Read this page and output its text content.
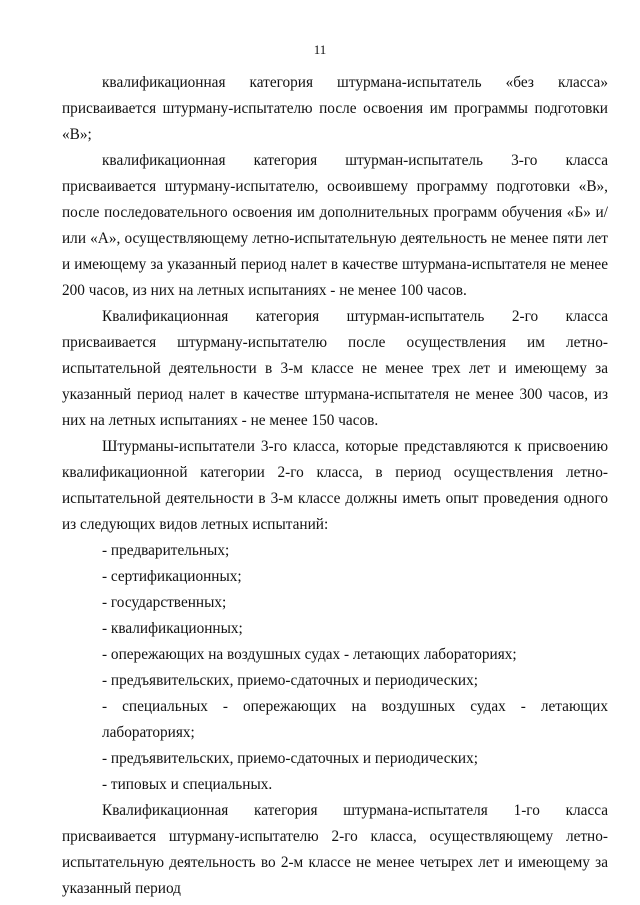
11

квалификационная категория штурмана-испытатель «без класса» присваивается штурману-испытателю после освоения им программы подготовки «В»;

квалификационная категория штурман-испытатель 3-го класса присваивается штурману-испытателю, освоившему программу подготовки «В», после последовательного освоения им дополнительных программ обучения «Б» и/или «А», осуществляющему летно-испытательную деятельность не менее пяти лет и имеющему за указанный период налет в качестве штурмана-испытателя не менее 200 часов, из них на летных испытаниях - не менее 100 часов.

Квалификационная категория штурман-испытатель 2-го класса присваивается штурману-испытателю после осуществления им летно-испытательной деятельности в 3-м классе не менее трех лет и имеющему за указанный период налет в качестве штурмана-испытателя не менее 300 часов, из них на летных испытаниях - не менее 150 часов.

Штурманы-испытатели 3-го класса, которые представляются к присвоению квалификационной категории 2-го класса, в период осуществления летно-испытательной деятельности в 3-м классе должны иметь опыт проведения одного из следующих видов летных испытаний:

- предварительных;
- сертификационных;
- государственных;
- квалификационных;
- опережающих на воздушных судах - летающих лабораториях;
- предъявительских, приемо-сдаточных и периодических;
- специальных - опережающих на воздушных судах - летающих лабораториях;
- предъявительских, приемо-сдаточных и периодических;
- типовых и специальных.

Квалификационная категория штурмана-испытателя 1-го класса присваивается штурману-испытателю 2-го класса, осуществляющему летно-испытательную деятельность во 2-м классе не менее четырех лет и имеющему за указанный период
